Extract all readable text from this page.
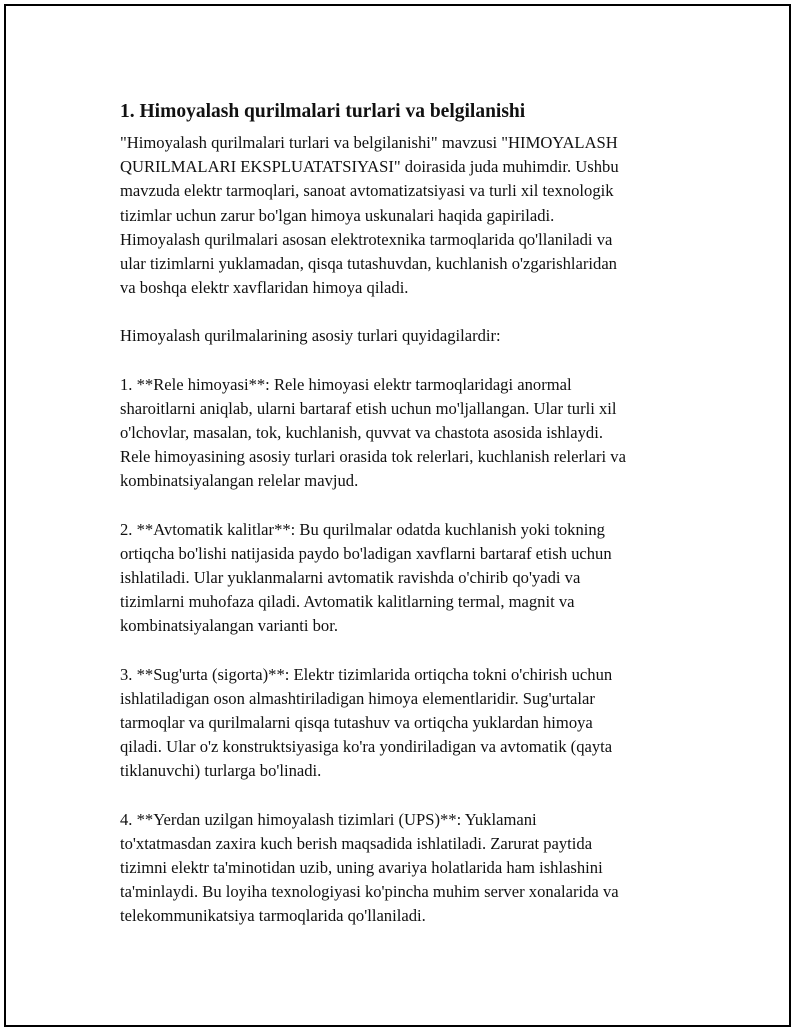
1. Himoyalash qurilmalari turlari va belgilanishi

"Himoyalash qurilmalari turlari va belgilanishi" mavzusi "HIMOYALASH
QURILMALARI EKSPLUATATSIYASI" doirasida juda muhimdir. Ushbu
mavzuda elektr tarmoqlari, sanoat avtomatizatsiyasi va turli xil texnologik
tizimlar uchun zarur bo'lgan himoya uskunalari haqida gapiriladi.
Himoyalash qurilmalari asosan elektrotexnika tarmoqlarida qo'llaniladi va
ular tizimlarni yuklamadan, qisqa tutashuvdan, kuchlanish o'zgarishlaridan
va boshqa elektr xavflaridan himoya qiladi.

Himoyalash qurilmalarining asosiy turlari quyidagilardir:

1. **Rele himoyasi**: Rele himoyasi elektr tarmoqlaridagi anormal
sharoitlarni aniqlab, ularni bartaraf etish uchun mo'ljallangan. Ular turli xil
o'lchovlar, masalan, tok, kuchlanish, quvvat va chastota asosida ishlaydi.
Rele himoyasining asosiy turlari orasida tok relerlari, kuchlanish relerlari va
kombinatsiyalangan relelar mavjud.

2. **Avtomatik kalitlar**: Bu qurilmalar odatda kuchlanish yoki tokning
ortiqcha bo'lishi natijasida paydo bo'ladigan xavflarni bartaraf etish uchun
ishlatiladi. Ular yuklanmalarni avtomatik ravishda o'chirib qo'yadi va
tizimlarni muhofaza qiladi. Avtomatik kalitlarning termal, magnit va
kombinatsiyalangan varianti bor.

3. **Sug'urta (sigorta)**: Elektr tizimlarida ortiqcha tokni o'chirish uchun
ishlatiladigan oson almashtiriladigan himoya elementlaridir. Sug'urtalar
tarmoqlar va qurilmalarni qisqa tutashuv va ortiqcha yuklardan himoya
qiladi. Ular o'z konstruktsiyasiga ko'ra yondiriladigan va avtomatik (qayta
tiklanuvchi) turlarga bo'linadi.

4. **Yerdan uzilgan himoyalash tizimlari (UPS)**: Yuklamani
to'xtatmasdan zaxira kuch berish maqsadida ishlatiladi. Zarurat paytida
tizimni elektr ta'minotidan uzib, uning avariya holatlarida ham ishlashini
ta'minlaydi. Bu loyiha texnologiyasi ko'pincha muhim server xonalarida va
telekommunikatsiya tarmoqlarida qo'llaniladi.
